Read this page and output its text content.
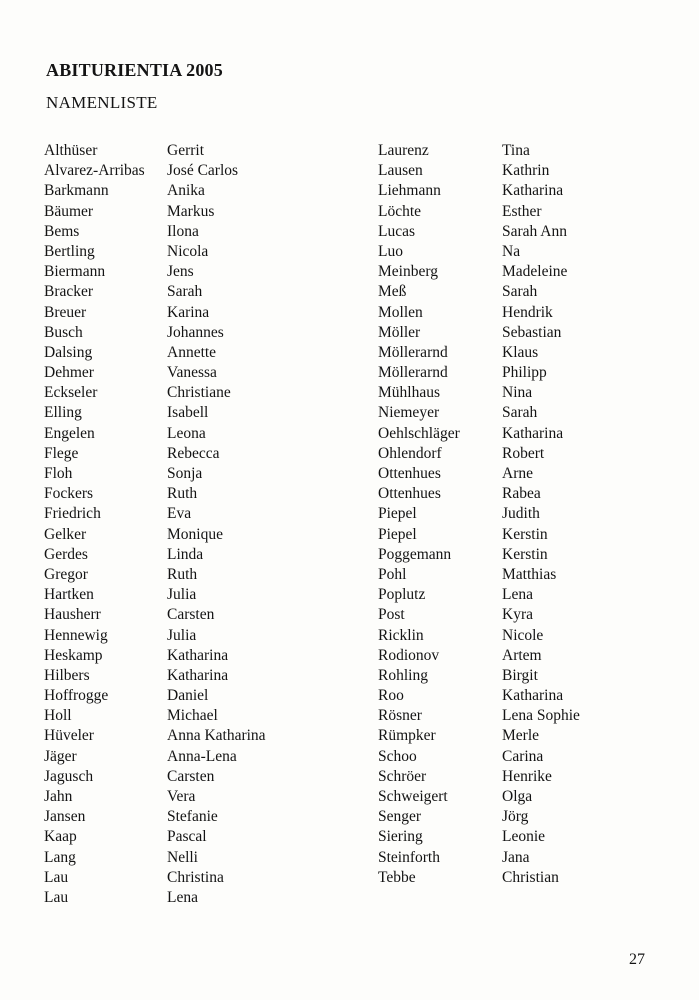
ABITURIENTIA 2005
NAMENLISTE
Althüser
Alvarez-Arribas
Barkmann
Bäumer
Bems
Bertling
Biermann
Bracker
Breuer
Busch
Dalsing
Dehmer
Eckseler
Elling
Engelen
Flege
Floh
Fockers
Friedrich
Gelker
Gerdes
Gregor
Hartken
Hausherr
Hennewig
Heskamp
Hilbers
Hoffrogge
Holl
Hüveler
Jäger
Jagusch
Jahn
Jansen
Kaap
Lang
Lau
Lau
Gerrit
José Carlos
Anika
Markus
Ilona
Nicola
Jens
Sarah
Karina
Johannes
Annette
Vanessa
Christiane
Isabell
Leona
Rebecca
Sonja
Ruth
Eva
Monique
Linda
Ruth
Julia
Carsten
Julia
Katharina
Katharina
Daniel
Michael
Anna Katharina
Anna-Lena
Carsten
Vera
Stefanie
Pascal
Nelli
Christina
Lena
Laurenz
Lausen
Liehmann
Löchte
Lucas
Luo
Meinberg
Meß
Mollen
Möller
Möllerarnd
Möllerarnd
Mühlhaus
Niemeyer
Oehlschläger
Ohlendorf
Ottenhues
Ottenhues
Piepel
Piepel
Poggemann
Pohl
Poplutz
Post
Ricklin
Rodionov
Rohling
Roo
Rösner
Rümpker
Schoo
Schröer
Schweigert
Senger
Siering
Steinforth
Tebbe
Tina
Kathrin
Katharina
Esther
Sarah Ann
Na
Madeleine
Sarah
Hendrik
Sebastian
Klaus
Philipp
Nina
Sarah
Katharina
Robert
Arne
Rabea
Judith
Kerstin
Kerstin
Matthias
Lena
Kyra
Nicole
Artem
Birgit
Katharina
Lena Sophie
Merle
Carina
Henrike
Olga
Jörg
Leonie
Jana
Christian
27
